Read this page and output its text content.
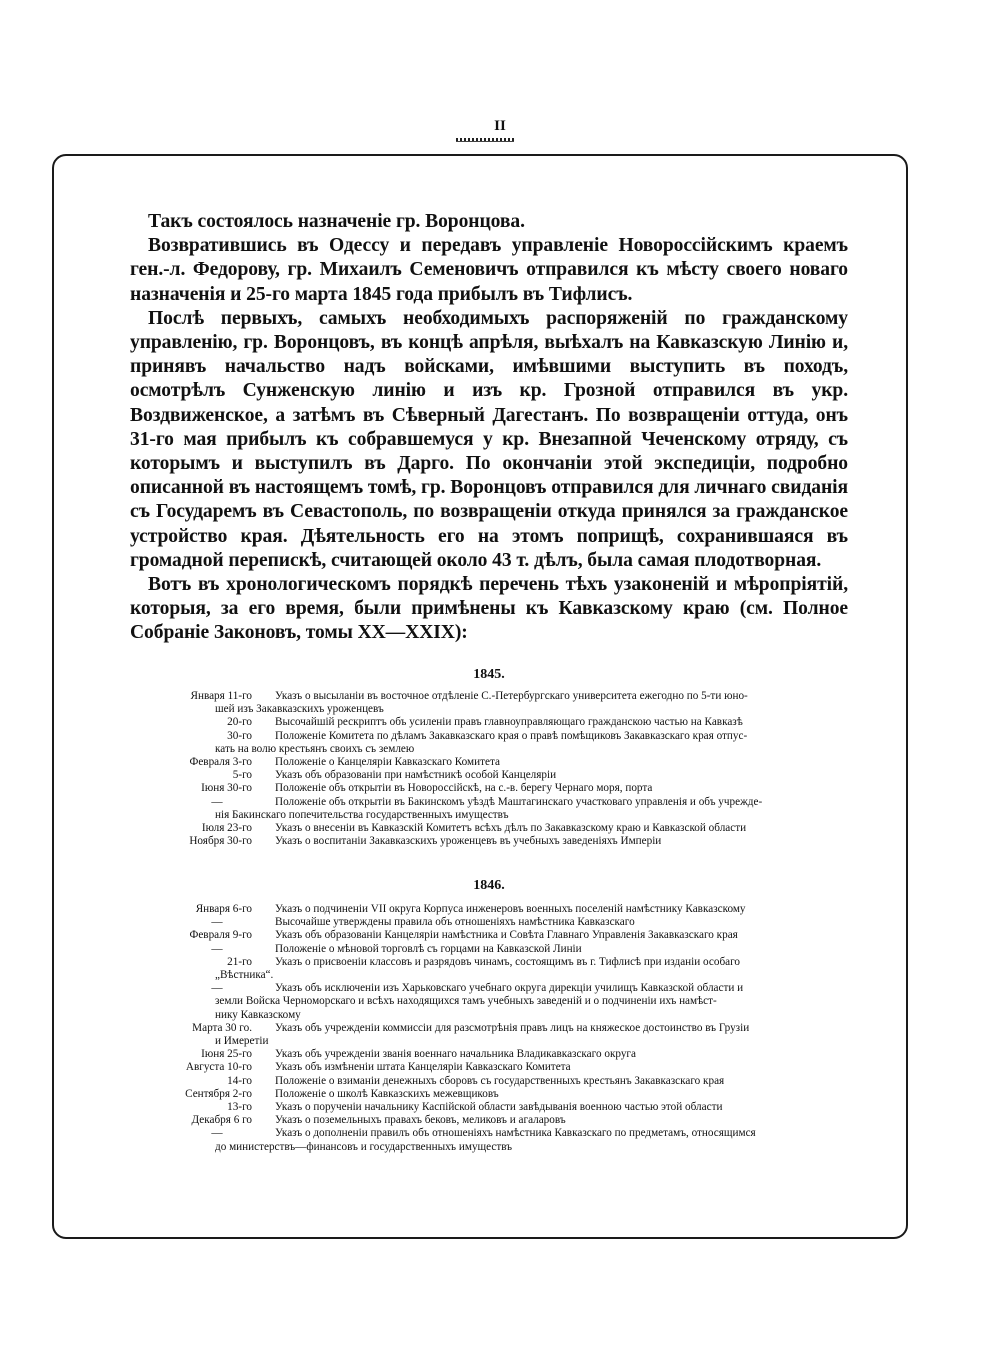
II

Такъ состоялось назначеніе гр. Воронцова.

Возвратившись въ Одессу и передавъ управленіе Новороссійскимъ краемъ ген.-л. Федорову, гр. Михаилъ Семеновичъ отправился къ мѣсту своего новаго назначенія и 25-го марта 1845 года прибылъ въ Тифлисъ.

Послѣ первыхъ, самыхъ необходимыхъ распоряженій по гражданскому управленію, гр. Воронцовъ, въ концѣ апрѣля, выѣхалъ на Кавказскую Линію и, принявъ начальство надъ войсками, имѣвшими выступить въ походъ, осмотрѣлъ Сунженскую линію и изъ кр. Грозной отправился въ укр. Воздвиженское, а затѣмъ въ Сѣверный Дагестанъ. По возвращеніи оттуда, онъ 31-го мая прибылъ къ собравшемуся у кр. Внезапной Чеченскому отряду, съ которымъ и выступилъ въ Дарго. По окончаніи этой экспедиціи, подробно описанной въ настоящемъ томѣ, гр. Воронцовъ отправился для личнаго свиданія съ Государемъ въ Севастополь, по возвращеніи откуда принялся за гражданское устройство края. Дѣятельность его на этомъ поприщѣ, сохранившаяся въ громадной перепискѣ, считающей около 43 т. дѣлъ, была самая плодотворная.

Вотъ въ хронологическомъ порядкѣ перечень тѣхъ узаконеній и мѣропріятій, которыя, за его время, были примѣнены къ Кавказскому краю (см. Полное Собраніе Законовъ, томы XX—XXIX):

1845.
Января 11-го	Указъ о высыланіи въ восточное отдѣленіе С.-Петербургскаго университета ежегодно по 5-ти юно-
шей изъ Закавказскихъ уроженцевъ
20-го	Высочайшій рескриптъ объ усиленіи правъ главноуправляющаго гражданскою частью на Кавказѣ
30-го	Положеніе Комитета по дѣламъ Закавказскаго края о правѣ помѣщиковъ Закавказскаго края отпус-
кать на волю крестьянъ своихъ съ землею
Февраля 3-го	Положеніе о Канцеляріи Кавказскаго Комитета
5-го	Указъ объ образованіи при намѣстникѣ особой Канцеляріи
Іюня 30-го	Положеніе объ открытіи въ Новороссійскѣ, на с.-в. берегу Чернаго моря, порта
—	Положеніе объ открытіи въ Бакинскомъ уѣздѣ Маштагинскаго участковаго управленія и объ учрежде-
нія Бакинскаго попечительства государственныхъ имуществъ
Іюля 23-го	Указъ о внесеніи въ Кавказскій Комитетъ всѣхъ дѣлъ по Закавказскому краю и Кавказской области
Ноября 30-го	Указъ о воспитаніи Закавказскихъ уроженцевъ въ учебныхъ заведеніяхъ Имперіи
1846.
Января 6-го	Указъ о подчиненіи VII округа Корпуса инженеровъ военныхъ поселеній намѣстнику Кавказскому
—	Высочайше утверждены правила объ отношеніяхъ намѣстника Кавказскаго
Февраля 9-го	Указъ объ образованіи Канцеляріи намѣстника и Совѣта Главнаго Управленія Закавказскаго края
—	Положеніе о мѣновой торговлѣ съ горцами на Кавказской Линіи
21-го	Указъ о присвоеніи классовъ и разрядовъ чинамъ, состоящимъ въ г. Тифлисѣ при изданіи особаго
„Вѣстника“.
—	Указъ объ исключеніи изъ Харьковскаго учебнаго округа дирекціи училищъ Кавказской области и
земли Войска Черноморскаго и всѣхъ находящихся тамъ учебныхъ заведеній и о подчиненіи ихъ намѣст-
нику Кавказскому
Марта 30 го.	Указъ объ учрежденіи коммиссіи для разсмотрѣнія правъ лицъ на княжеское достоинство въ Грузіи
и Имеретіи
Іюня 25-го	Указъ объ учрежденіи званія военнаго начальника Владикавказскаго округа
Августа 10-го	Указъ объ измѣненіи штата Канцеляріи Кавказскаго Комитета
14-го	Положеніе о взиманіи денежныхъ сборовъ съ государственныхъ крестьянъ Закавказскаго края
Сентября 2-го	Положеніе о школѣ Кавказскихъ межевщиковъ
13-го	Указъ о порученіи начальнику Каспійской области завѣдыванія военною частью этой области
Декабря 6 го	Указъ о поземельныхъ правахъ бековъ, меликовъ и агаларовъ
—	Указъ о дополненіи правилъ объ отношеніяхъ намѣстника Кавказскаго по предметамъ, относящимся
до министерствъ—финансовъ и государственныхъ имуществъ
